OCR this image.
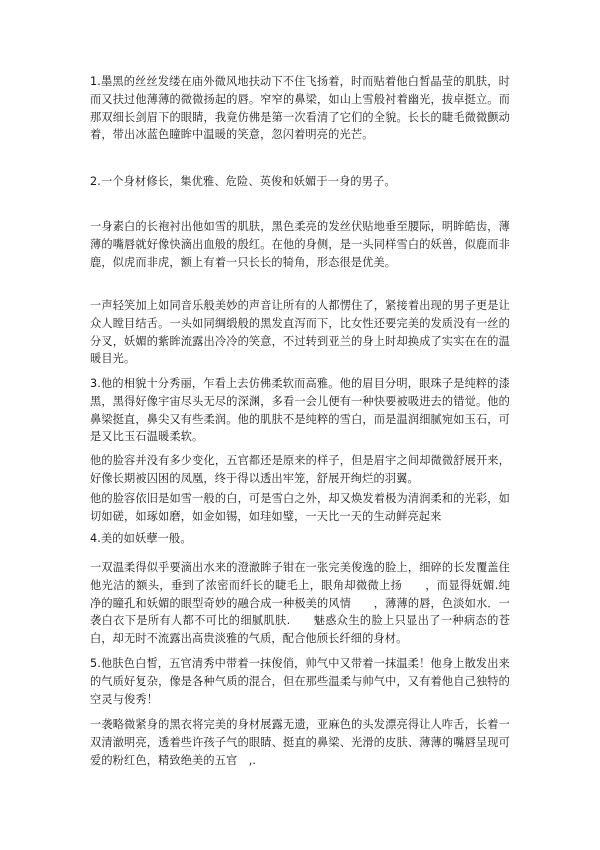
1.墨黑的丝丝发缕在庙外微风地扶动下不住飞扬着，时而贴着他白皙晶莹的肌肤，时而又扶过他薄薄的微微扬起的唇。窄窄的鼻梁，如山上雪般衬着幽光，拔卓挺立。而那双细长剑眉下的眼睛，我竟仿佛是第一次看清了它们的全貌。长长的睫毛微微颤动着，带出冰蓝色瞳眸中温暖的笑意，忽闪着明亮的光芒。

2.一个身材修长，集优雅、危险、英俊和妖媚于一身的男子。

一身素白的长袍衬出他如雪的肌肤，黑色柔亮的发丝伏贴地垂至腰际，明眸皓齿，薄薄的嘴唇就好像快滴出血般的殷红。在他的身侧，是一头同样雪白的妖兽，似鹿而非鹿，似虎而非虎，额上有着一只长长的犄角，形态很是优美。

一声轻笑加上如同音乐般美妙的声音让所有的人都愣住了，紧接着出现的男子更是让众人瞠目结舌。一头如同绸缎般的黑发直泻而下，比女性还要完美的发质没有一丝的分叉，妖媚的紫眸流露出冷冷的笑意，不过转到亚兰的身上时却换成了实实在在的温暖目光。

3.他的相貌十分秀丽，乍看上去仿佛柔软而高雅。他的眉目分明，眼珠子是纯粹的漆黑，黑得好像宇宙尽头无尽的深渊，多看一会儿便有一种快要被吸进去的错觉。他的鼻梁挺直，鼻尖又有些柔润。他的肌肤不是纯粹的雪白，而是温润细腻宛如玉石，可是又比玉石温暖柔软。

他的脸容并没有多少变化，五官都还是原来的样子，但是眉宇之间却微微舒展开来，好像长期被囚困的凤凰，终于得以透出牢笼，舒展开绚烂的羽翼。

他的脸容依旧是如雪一般的白，可是雪白之外，却又焕发着极为清润柔和的光彩，如切如磋，如琢如磨，如金如锡，如珪如璧，一天比一天的生动鲜亮起来

4.美的如妖孽一般。

一双温柔得似乎要滴出水来的澄澈眸子钳在一张完美俊逸的脸上，细碎的长发覆盖住他光洁的额头，垂到了浓密而纤长的睫毛上，眼角却微微上扬　　，而显得妩媚.纯净的瞳孔和妖媚的眼型奇妙的融合成一种极美的风情　　，薄薄的唇，色淡如水．一袭白衣下是所有人都不可比的细腻肌肤.　　魅惑众生的脸上只显出了一种病态的苍白，却无时不流露出高贵淡雅的气质，配合他颀长纤细的身材。

5.他肤色白皙，五官清秀中带着一抹俊俏，帅气中又带着一抹温柔！他身上散发出来的气质好复杂，像是各种气质的混合，但在那些温柔与帅气中，又有着他自己独特的空灵与俊秀！

一袭略微紧身的黑衣将完美的身材展露无遗，亚麻色的头发漂亮得让人咋舌，长着一双清澈明亮，透着些许孩子气的眼睛、挺直的鼻梁、光滑的皮肤、薄薄的嘴唇呈现可爱的粉红色，精致绝美的五官　,.
